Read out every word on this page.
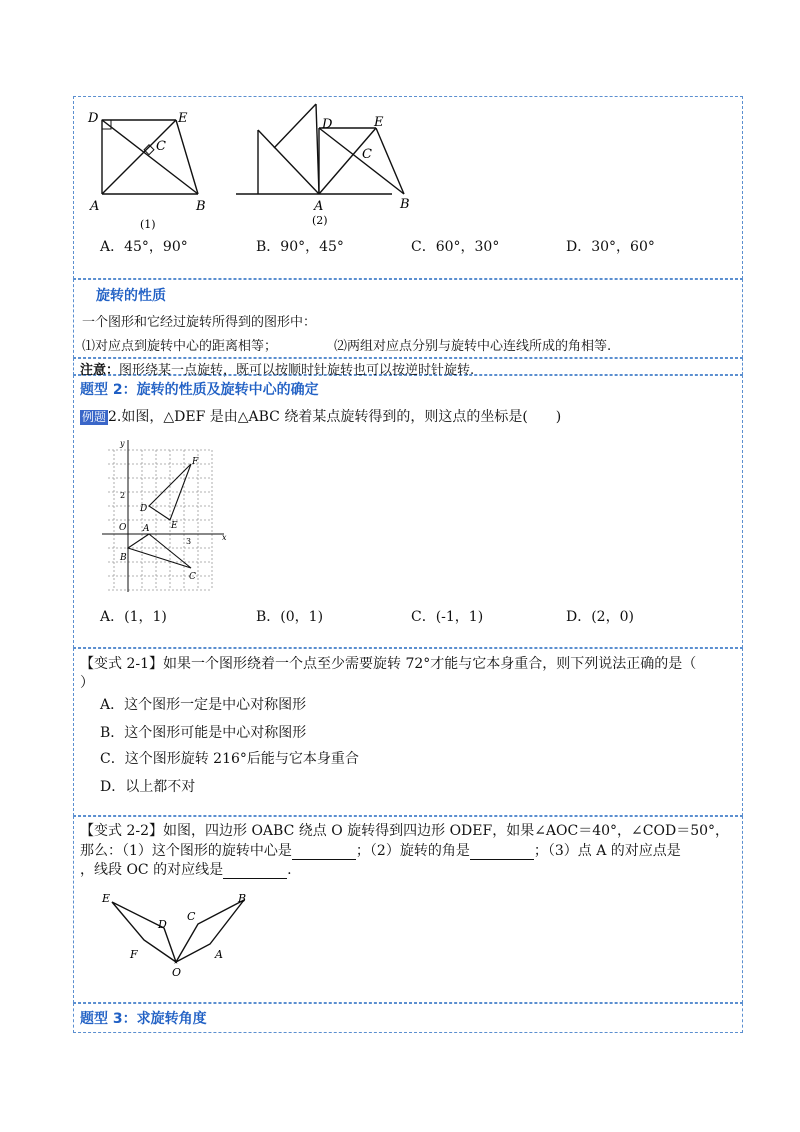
D	E
C
A	B
(1)
D	E
C
A	B
(2)
A．45°，90°	B．90°，45°	C．60°，30°	D．30°，60°
旋转的性质
一个图形和它经过旋转所得到的图形中：
⑴对应点到旋转中心的距离相等；	⑵两组对应点分别与旋转中心连线所成的角相等.
注意：图形绕某一点旋转，既可以按顺时针旋转也可以按逆时针旋转.
题型 2：旋转的性质及旋转中心的确定
例题 2.如图，△DEF 是由△ABC 绕着某点旋转得到的，则这点的坐标是(　　)
y
x
2
3
O A
B
C
D
E
F
A．(1，1)	B．(0，1)	C．(-1，1)	D．(2，0)
【变式 2-1】如果一个图形绕着一个点至少需要旋转 72°才能与它本身重合，则下列说法正确的是（
）
A．这个图形一定是中心对称图形
B．这个图形可能是中心对称图形
C．这个图形旋转 216°后能与它本身重合
D．以上都不对
【变式 2-2】如图，四边形 OABC 绕点 O 旋转得到四边形 ODEF，如果∠AOC＝40°，∠COD＝50°，
那么：（1）这个图形的旋转中心是	；（2）旋转的角是	；（3）点 A 的对应点是
，线段 OC 的对应线是	.
E
D
C
B
F
O
A
题型 3：求旋转角度
